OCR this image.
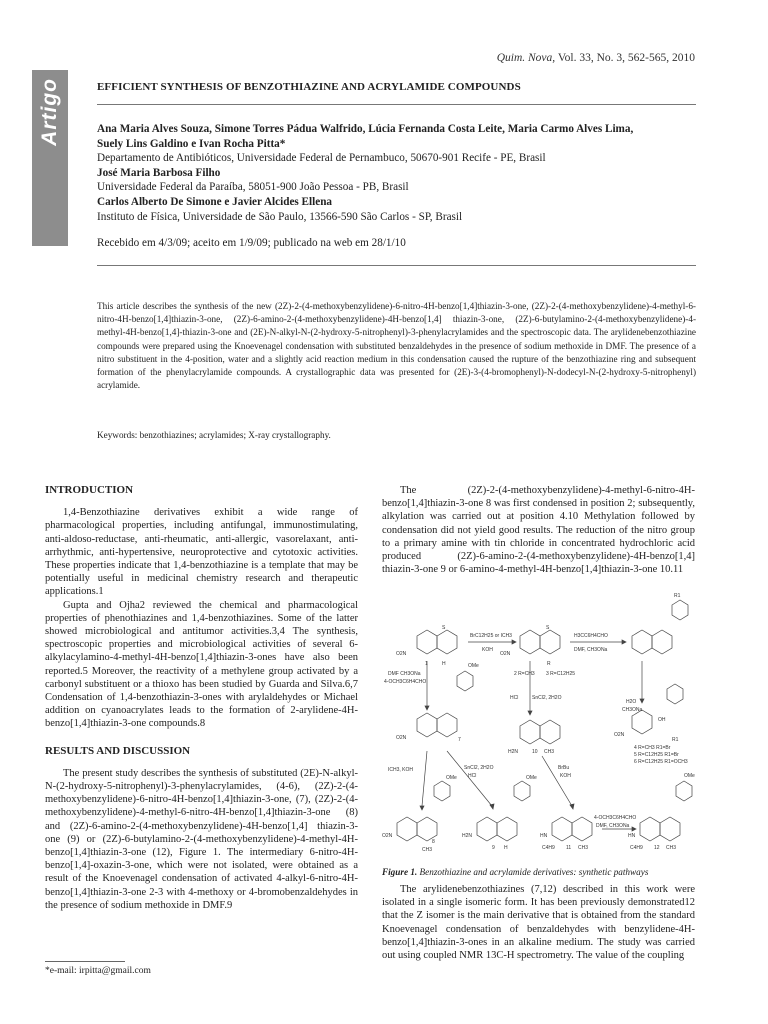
Artigo
Quim. Nova, Vol. 33, No. 3, 562-565, 2010
EFFICIENT SYNTHESIS OF BENZOTHIAZINE AND ACRYLAMIDE COMPOUNDS
Ana Maria Alves Souza, Simone Torres Pádua Walfrido, Lúcia Fernanda Costa Leite, Maria Carmo Alves Lima,
Suely Lins Galdino e Ivan Rocha Pitta*
Departamento de Antibióticos, Universidade Federal de Pernambuco, 50670-901 Recife - PE, Brasil
José Maria Barbosa Filho
Universidade Federal da Paraíba, 58051-900 João Pessoa - PB, Brasil
Carlos Alberto De Simone e Javier Alcides Ellena
Instituto de Física, Universidade de São Paulo, 13566-590 São Carlos - SP, Brasil
Recebido em 4/3/09; aceito em 1/9/09; publicado na web em 28/1/10
This article describes the synthesis of the new (2Z)-2-(4-methoxybenzylidene)-6-nitro-4H-benzo[1,4]thiazin-3-one, (2Z)-2-(4-methoxybenzylidene)-4-methyl-6-nitro-4H-benzo[1,4]thiazin-3-one, (2Z)-6-amino-2-(4-methoxybenzylidene)-4H-benzo[1,4] thiazin-3-one, (2Z)-6-butylamino-2-(4-methoxybenzylidene)-4-methyl-4H-benzo[1,4]-thiazin-3-one and (2E)-N-alkyl-N-(2-hydroxy-5-nitrophenyl)-3-phenylacrylamides and the spectroscopic data. The arylidenebenzothiazine compounds were prepared using the Knoevenagel condensation with substituted benzaldehydes in the presence of sodium methoxide in DMF. The presence of a nitro substituent in the 4-position, water and a slightly acid reaction medium in this condensation caused the rupture of the benzothiazine ring and subsequent formation of the phenylacrylamide compounds. A crystallographic data was presented for (2E)-3-(4-bromophenyl)-N-dodecyl-N-(2-hydroxy-5-nitrophenyl) acrylamide.
Keywords: benzothiazines; acrylamides; X-ray crystallography.
INTRODUCTION

1,4-Benzothiazine derivatives exhibit a wide range of pharmacological properties, including antifungal, immunostimulating, anti-aldoso-reductase, anti-rheumatic, anti-allergic, vasorelaxant, anti-arrhythmic, anti-hypertensive, neuroprotective and cytotoxic activities. These properties indicate that 1,4-benzothiazine is a template that may be potentially useful in medicinal chemistry research and therapeutic applications.1

Gupta and Ojha2 reviewed the chemical and pharmacological properties of phenothiazines and 1,4-benzothiazines. Some of the latter showed microbiological and antitumor activities.3,4 The synthesis, spectroscopic properties and microbiological activities of several 6-alkylacylamino-4-methyl-4H-benzo[1,4]thiazin-3-ones have also been reported.5 Moreover, the reactivity of a methylene group activated by a carbonyl substituent or a thioxo has been studied by Guarda and Silva.6,7 Condensation of 1,4-benzothiazin-3-ones with arylaldehydes or Michael addition on cyanoacrylates leads to the formation of 2-arylidene-4H-benzo[1,4]thiazin-3-one compounds.8

RESULTS AND DISCUSSION

The present study describes the synthesis of substituted (2E)-N-alkyl-N-(2-hydroxy-5-nitrophenyl)-3-phenylacrylamides, (4-6), (2Z)-2-(4-methoxybenzylidene)-6-nitro-4H-benzo[1,4]thiazin-3-one, (7), (2Z)-2-(4-methoxybenzylidene)-4-methyl-6-nitro-4H-benzo[1,4]thiazin-3-one (8) and (2Z)-6-amino-2-(4-methoxybenzylidene)-4H-benzo[1,4] thiazin-3-one (9) or (2Z)-6-butylamino-2-(4-methoxybenzylidene)-4-methyl-4H-benzo[1,4]thiazin-3-one (12), Figure 1. The intermediary 6-nitro-4H-benzo[1,4]-oxazin-3-one, which were not isolated, were obtained as a result of the Knoevenagel condensation of activated 4-alkyl-6-nitro-4H-benzo[1,4]thiazin-3-one 2-3 with 4-methoxy or 4-bromobenzaldehydes in the presence of sodium methoxide in DMF.9

*e-mail: irpitta@gmail.com

The (2Z)-2-(4-methoxybenzylidene)-4-methyl-6-nitro-4H-benzo[1,4]thiazin-3-one 8 was first condensed in position 2; subsequently, alkylation was carried out at position 4.10 Methylation followed by condensation did not yield good results. The reduction of the nitro group to a primary amine with tin chloride in concentrated hydrochloric acid produced (2Z)-6-amino-2-(4-methoxybenzylidene)-4H-benzo[1,4] thiazin-3-one 9 or 6-amino-4-methyl-4H-benzo[1,4]thiazin-3-one 10.11

O2N
S
1	H
BrC12H25 or ICH3
KOH
O2N
S
R
2 R=CH3 3 R=C12H25
H3CC6H4CHO
DMF, CH3ONa
R1
R1
H2O
CH3ONa
OH
O2N
4 R=CH3 R1=Br
5 R=C12H25 R1=Br
6 R=C12H25 R1=OCH3
DMF CH3ONa
4-OCH3C6H4CHO
OMe
O2N	7
H2N	10 CH3
HCl	SnCl2, 2H2O
ICH3, KOH	SnCl2, 2H2O
HCl
BrBu
KOH
OMe	OMe	OMe
O2N
CH3
8
H2N
9 H
HN
C4H9 11 CH3
4-OCH3C6H4CHO
DMF, CH3ONa
HN
C4H9 12 CH3
Figure 1. Benzothiazine and acrylamide derivatives: synthetic pathways

The arylidenebenzothiazines (7,12) described in this work were isolated in a single isomeric form. It has been previously demonstrated12 that the Z isomer is the main derivative that is obtained from the standard Knoevenagel condensation of benzaldehydes with benzylidene-4H-benzo[1,4]thiazin-3-ones in an alkaline medium. The study was carried out using coupled NMR 13C-H spectrometry. The value of the coupling
